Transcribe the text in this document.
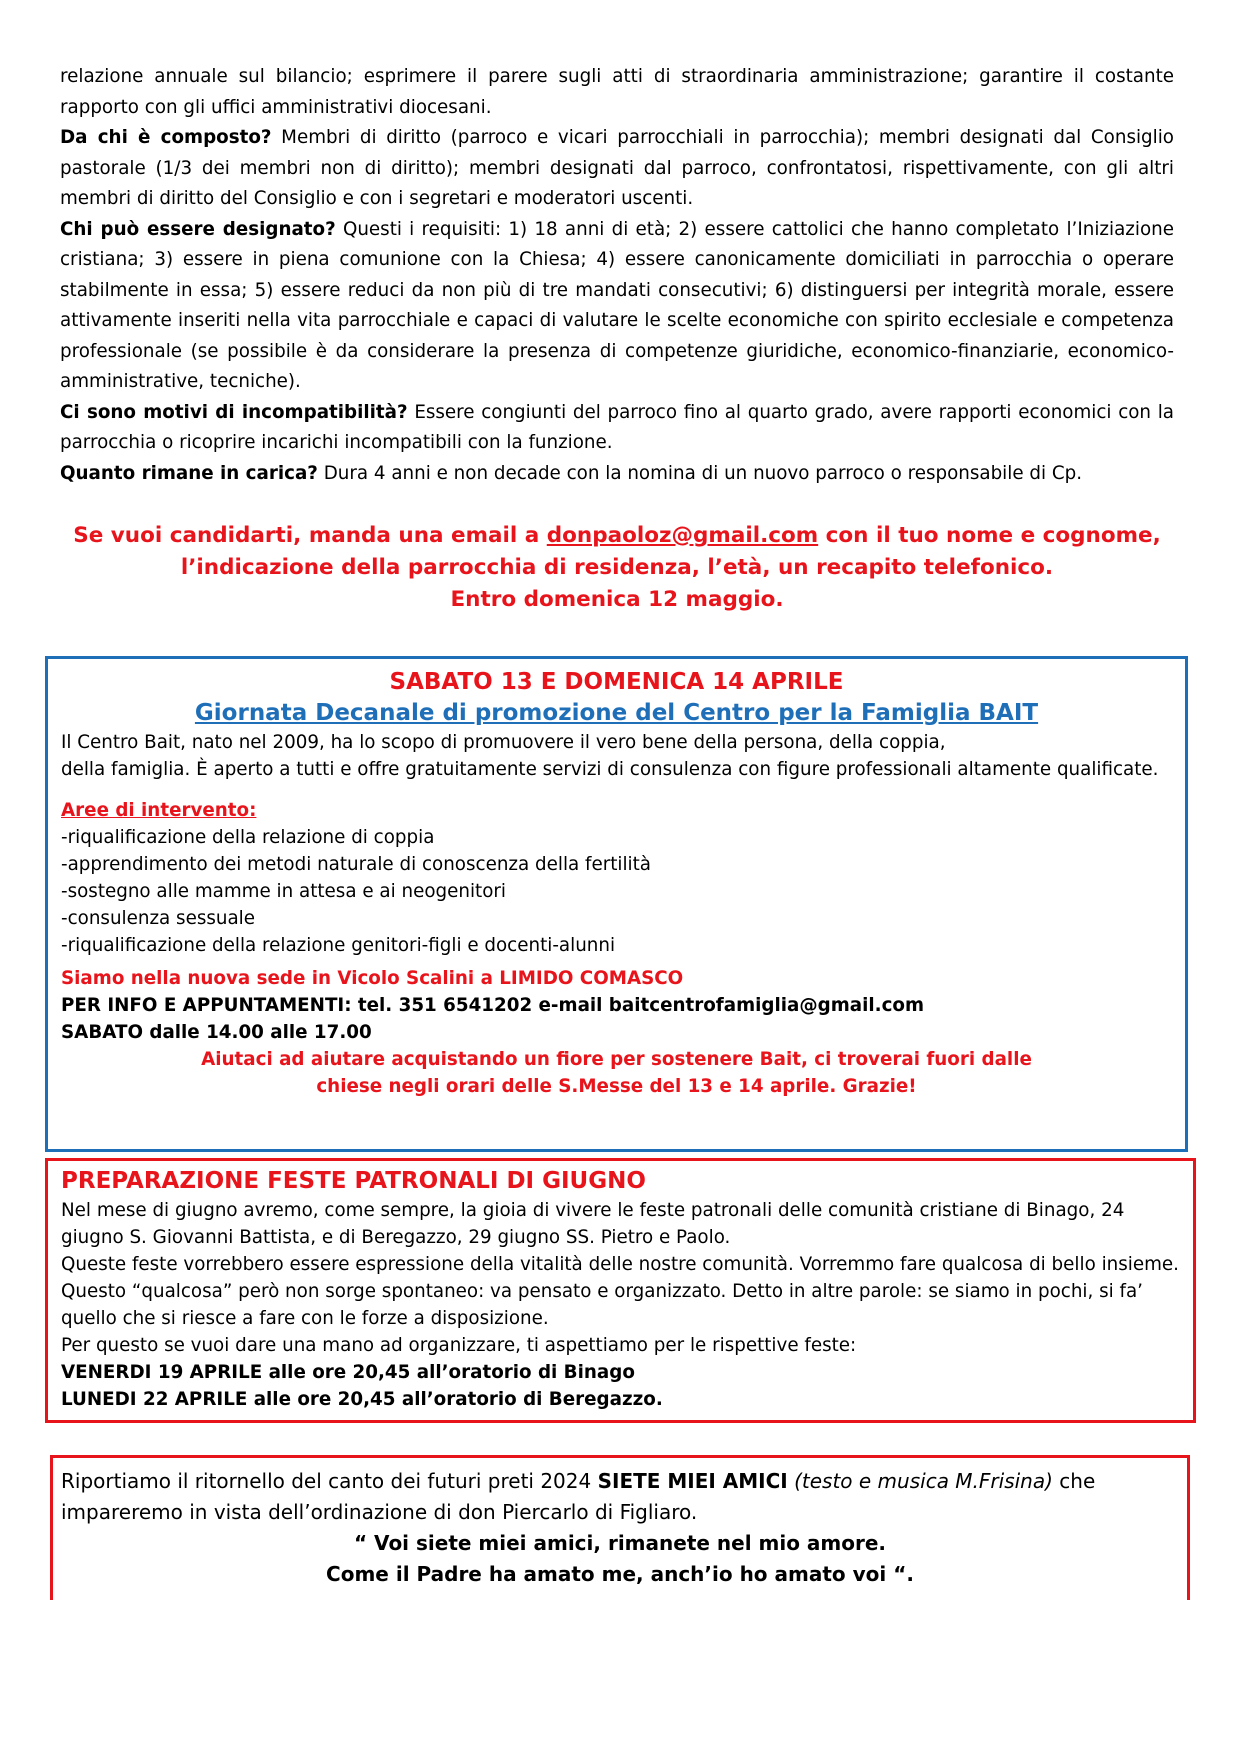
relazione annuale sul bilancio; esprimere il parere sugli atti di straordinaria amministrazione; garantire il costante rapporto con gli uffici amministrativi diocesani.

Da chi è composto? Membri di diritto (parroco e vicari parrocchiali in parrocchia); membri designati dal Consiglio pastorale (1/3 dei membri non di diritto); membri designati dal parroco, confrontatosi, rispettivamente, con gli altri membri di diritto del Consiglio e con i segretari e moderatori uscenti.

Chi può essere designato? Questi i requisiti: 1) 18 anni di età; 2) essere cattolici che hanno completato l’Iniziazione cristiana; 3) essere in piena comunione con la Chiesa; 4) essere canonicamente domiciliati in parrocchia o operare stabilmente in essa; 5) essere reduci da non più di tre mandati consecutivi; 6) distinguersi per integrità morale, essere attivamente inseriti nella vita parrocchiale e capaci di valutare le scelte economiche con spirito ecclesiale e competenza professionale (se possibile è da considerare la presenza di competenze giuridiche, economico-finanziarie, economico-amministrative, tecniche).

Ci sono motivi di incompatibilità? Essere congiunti del parroco fino al quarto grado, avere rapporti economici con la parrocchia o ricoprire incarichi incompatibili con la funzione.

Quanto rimane in carica? Dura 4 anni e non decade con la nomina di un nuovo parroco o responsabile di Cp.

Se vuoi candidarti, manda una email a donpaoloz@gmail.com con il tuo nome e cognome,

l’indicazione della parrocchia di residenza, l’età, un recapito telefonico.

Entro domenica 12 maggio.

SABATO 13 E DOMENICA 14 APRILE

Giornata Decanale di promozione del Centro per la Famiglia BAIT

Il Centro Bait, nato nel 2009, ha lo scopo di promuovere il vero bene della persona, della coppia,

della famiglia. È aperto a tutti e offre gratuitamente servizi di consulenza con figure professionali altamente qualificate.

Aree di intervento:

-riqualificazione della relazione di coppia

-apprendimento dei metodi naturale di conoscenza della fertilità

-sostegno alle mamme in attesa e ai neogenitori

-consulenza sessuale

-riqualificazione della relazione genitori-figli e docenti-alunni

Siamo nella nuova sede in Vicolo Scalini a LIMIDO COMASCO

PER INFO E APPUNTAMENTI: tel. 351 6541202 e-mail baitcentrofamiglia@gmail.com

SABATO dalle 14.00 alle 17.00

Aiutaci ad aiutare acquistando un fiore per sostenere Bait, ci troverai fuori dalle

chiese negli orari delle S.Messe del 13 e 14 aprile. Grazie!

PREPARAZIONE FESTE PATRONALI DI GIUGNO

Nel mese di giugno avremo, come sempre, la gioia di vivere le feste patronali delle comunità cristiane di Binago, 24 giugno S. Giovanni Battista, e di Beregazzo, 29 giugno SS. Pietro e Paolo.

Queste feste vorrebbero essere espressione della vitalità delle nostre comunità. Vorremmo fare qualcosa di bello insieme. Questo “qualcosa” però non sorge spontaneo: va pensato e organizzato. Detto in altre parole: se siamo in pochi, si fa’ quello che si riesce a fare con le forze a disposizione.

Per questo se vuoi dare una mano ad organizzare, ti aspettiamo per le rispettive feste:

VENERDI 19 APRILE alle ore 20,45 all’oratorio di Binago

LUNEDI 22 APRILE alle ore 20,45 all’oratorio di Beregazzo.

Riportiamo il ritornello del canto dei futuri preti 2024 SIETE MIEI AMICI (testo e musica M.Frisina) che impareremo in vista dell’ordinazione di don Piercarlo di Figliaro.

“ Voi siete miei amici, rimanete nel mio amore.

Come il Padre ha amato me, anch’io ho amato voi “.
